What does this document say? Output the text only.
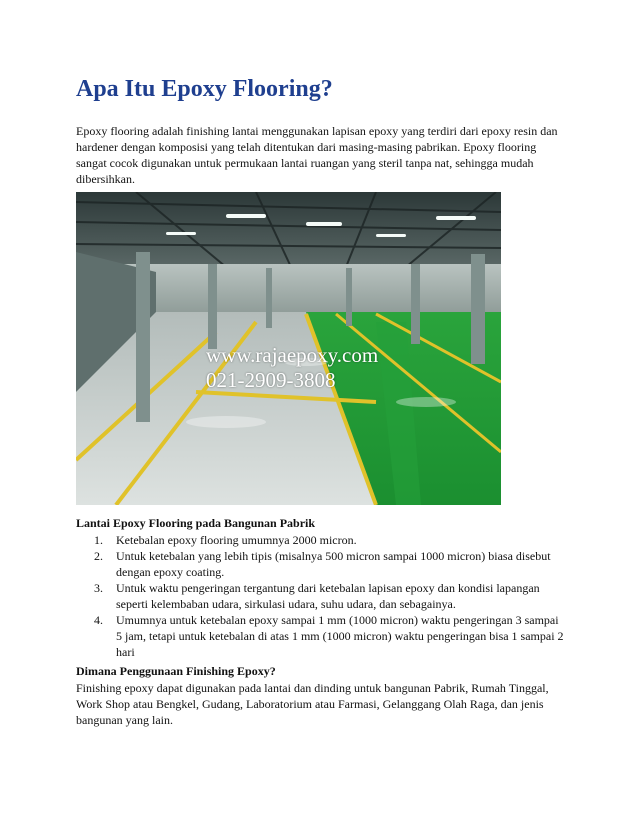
Apa Itu Epoxy Flooring?

Epoxy flooring adalah finishing lantai menggunakan lapisan epoxy yang terdiri dari epoxy resin dan hardener dengan komposisi yang telah ditentukan dari masing-masing pabrikan. Epoxy flooring sangat cocok digunakan untuk permukaan lantai ruangan yang steril tanpa nat, sehingga mudah dibersihkan.

www.rajaepoxy.com
021-2909-3808
Lantai Epoxy Flooring pada Bangunan Pabrik
1. Ketebalan epoxy flooring umumnya 2000 micron.
2. Untuk ketebalan yang lebih tipis (misalnya 500 micron sampai 1000 micron) biasa disebut dengan epoxy coating.
3. Untuk waktu pengeringan tergantung dari ketebalan lapisan epoxy dan kondisi lapangan seperti kelembaban udara, sirkulasi udara, suhu udara, dan sebagainya.
4. Umumnya untuk ketebalan epoxy sampai 1 mm (1000 micron) waktu pengeringan 3 sampai 5 jam, tetapi untuk ketebalan di atas 1 mm (1000 micron) waktu pengeringan bisa 1 sampai 2 hari
Dimana Penggunaan Finishing Epoxy?

Finishing epoxy dapat digunakan pada lantai dan dinding untuk bangunan Pabrik, Rumah Tinggal, Work Shop atau Bengkel, Gudang, Laboratorium atau Farmasi, Gelanggang Olah Raga, dan jenis bangunan yang lain.
